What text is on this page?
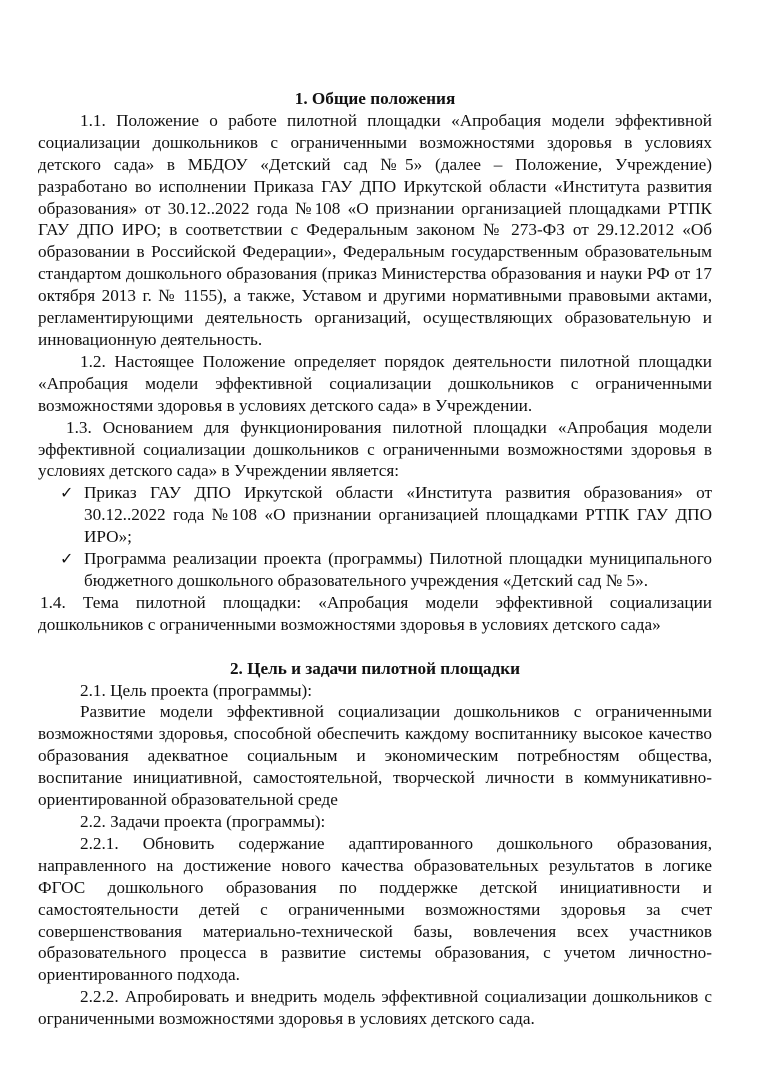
1. Общие положения
1.1. Положение о работе пилотной площадки «Апробация модели эффективной социализации дошкольников с ограниченными возможностями здоровья в условиях детского сада» в МБДОУ «Детский сад №5» (далее – Положение, Учреждение) разработано во исполнении Приказа ГАУ ДПО Иркутской области «Института развития образования» от 30.12..2022 года №108 «О признании организацией площадками РТПК ГАУ ДПО ИРО; в соответствии с Федеральным законом № 273-ФЗ от 29.12.2012 «Об образовании в Российской Федерации», Федеральным государственным образовательным стандартом дошкольного образования (приказ Министерства образования и науки РФ от 17 октября 2013 г. № 1155), а также, Уставом и другими нормативными правовыми актами, регламентирующими деятельность организаций, осуществляющих образовательную и инновационную деятельность.
1.2. Настоящее Положение определяет порядок деятельности пилотной площадки «Апробация модели эффективной социализации дошкольников с ограниченными возможностями здоровья в условиях детского сада» в Учреждении.
1.3. Основанием для функционирования пилотной площадки «Апробация модели эффективной социализации дошкольников с ограниченными возможностями здоровья в условиях детского сада» в Учреждении является:
✓ Приказ ГАУ ДПО Иркутской области «Института развития образования» от 30.12..2022 года №108 «О признании организацией площадками РТПК ГАУ ДПО ИРО»;
✓ Программа реализации проекта (программы) Пилотной площадки муниципального бюджетного дошкольного образовательного учреждения «Детский сад № 5».
1.4. Тема пилотной площадки: «Апробация модели эффективной социализации дошкольников с ограниченными возможностями здоровья в условиях детского сада»
2. Цель и задачи пилотной площадки
2.1. Цель проекта (программы):
Развитие модели эффективной социализации дошкольников с ограниченными возможностями здоровья, способной обеспечить каждому воспитаннику высокое качество образования адекватное социальным и экономическим потребностям общества, воспитание инициативной, самостоятельной, творческой личности в коммуникативно-ориентированной образовательной среде
2.2. Задачи проекта (программы):
2.2.1. Обновить содержание адаптированного дошкольного образования, направленного на достижение нового качества образовательных результатов в логике ФГОС дошкольного образования по поддержке детской инициативности и самостоятельности детей с ограниченными возможностями здоровья за счет совершенствования материально-технической базы, вовлечения всех участников образовательного процесса в развитие системы образования, с учетом личностно-ориентированного подхода.
2.2.2. Апробировать и внедрить модель эффективной социализации дошкольников с ограниченными возможностями здоровья в условиях детского сада.
